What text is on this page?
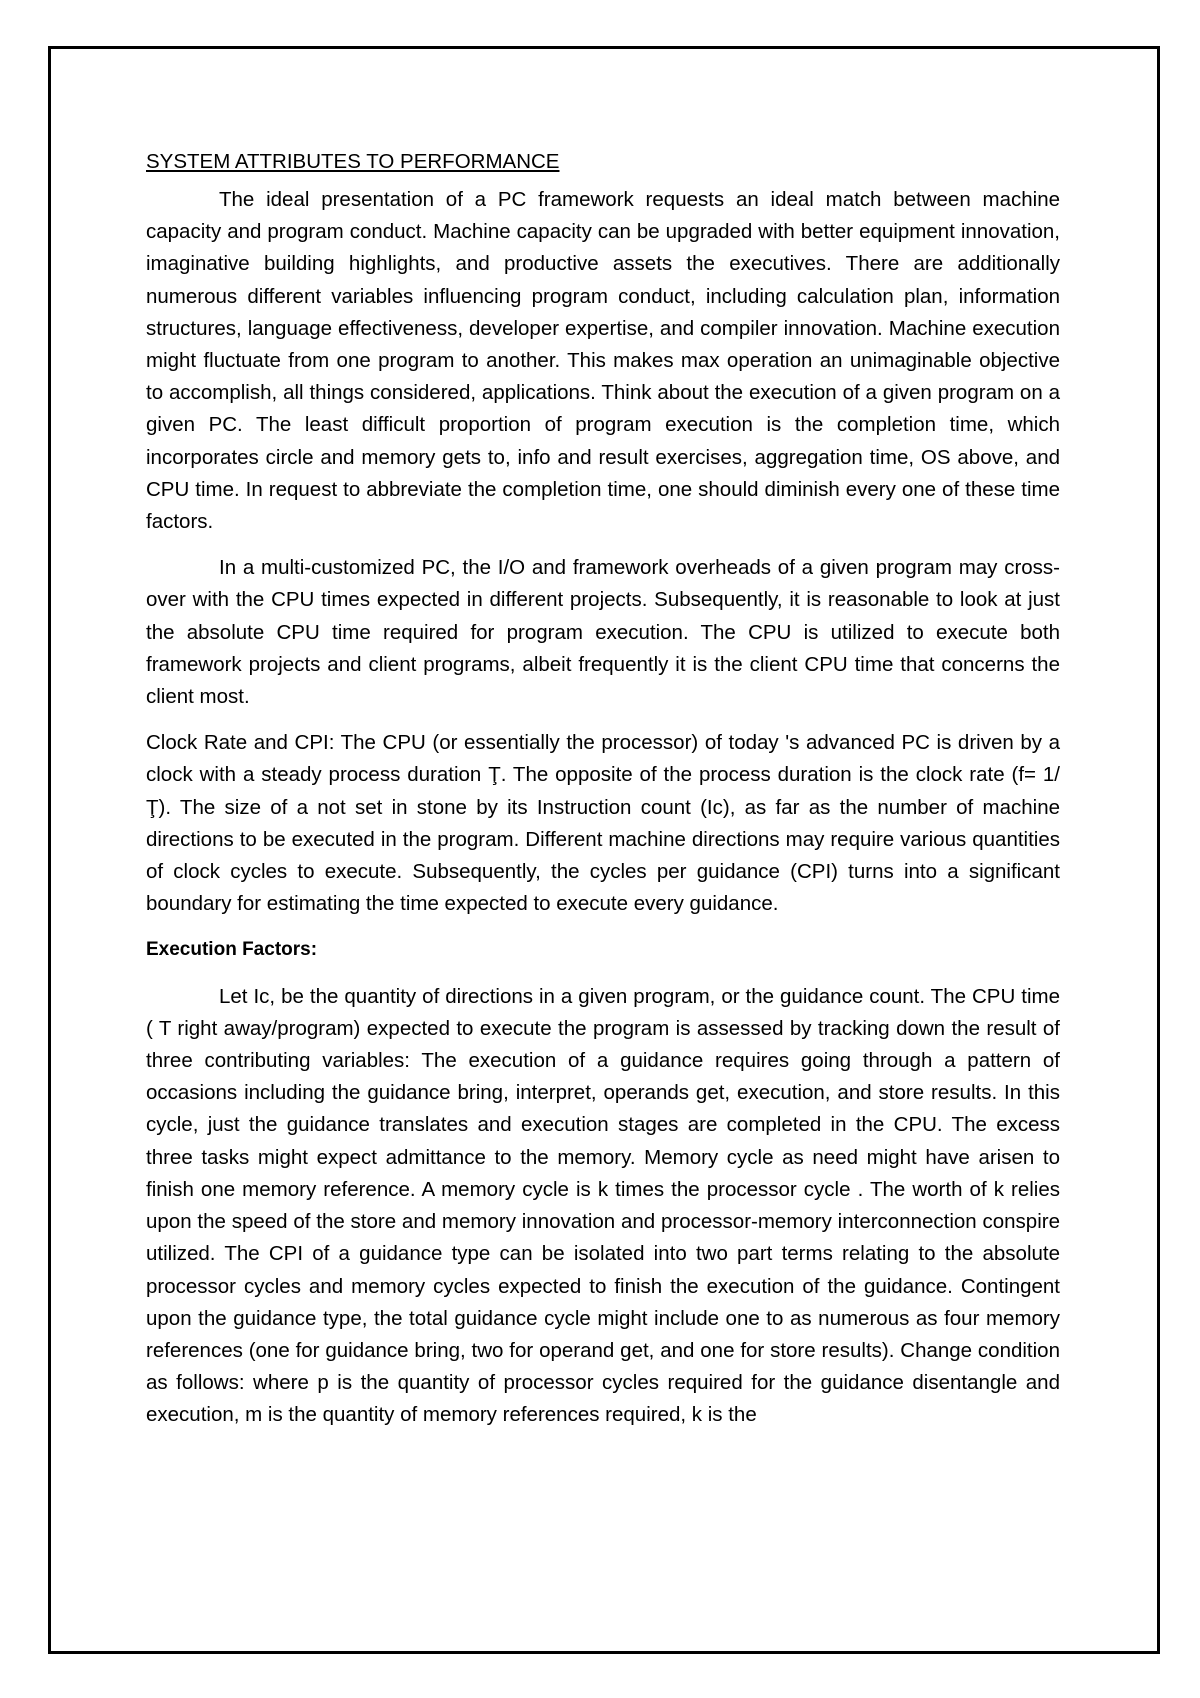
SYSTEM ATTRIBUTES TO PERFORMANCE

The ideal presentation of a PC framework requests an ideal match between machine capacity and program conduct. Machine capacity can be upgraded with better equipment innovation, imaginative building highlights, and productive assets the executives. There are additionally numerous different variables influencing program conduct, including calculation plan, information structures, language effectiveness, developer expertise, and compiler innovation. Machine execution might fluctuate from one program to another. This makes max operation an unimaginable objective to accomplish, all things considered, applications. Think about the execution of a given program on a given PC. The least difficult proportion of program execution is the completion time, which incorporates circle and memory gets to, info and result exercises, aggregation time, OS above, and CPU time. In request to abbreviate the completion time, one should diminish every one of these time factors.

In a multi-customized PC, the I/O and framework overheads of a given program may cross-over with the CPU times expected in different projects. Subsequently, it is reasonable to look at just the absolute CPU time required for program execution. The CPU is utilized to execute both framework projects and client programs, albeit frequently it is the client CPU time that concerns the client most.

Clock Rate and CPI: The CPU (or essentially the processor) of today 's advanced PC is driven by a clock with a steady process duration Ţ. The opposite of the process duration is the clock rate (f= 1/Ţ). The size of a not set in stone by its Instruction count (Ic), as far as the number of machine directions to be executed in the program. Different machine directions may require various quantities of clock cycles to execute. Subsequently, the cycles per guidance (CPI) turns into a significant boundary for estimating the time expected to execute every guidance.

Execution Factors:

Let Ic, be the quantity of directions in a given program, or the guidance count. The CPU time ( T right away/program) expected to execute the program is assessed by tracking down the result of three contributing variables: The execution of a guidance requires going through a pattern of occasions including the guidance bring, interpret, operands get, execution, and store results. In this cycle, just the guidance translates and execution stages are completed in the CPU. The excess three tasks might expect admittance to the memory. Memory cycle as need might have arisen to finish one memory reference. A memory cycle is k times the processor cycle . The worth of k relies upon the speed of the store and memory innovation and processor-memory interconnection conspire utilized. The CPI of a guidance type can be isolated into two part terms relating to the absolute processor cycles and memory cycles expected to finish the execution of the guidance. Contingent upon the guidance type, the total guidance cycle might include one to as numerous as four memory references (one for guidance bring, two for operand get, and one for store results). Change condition as follows: where p is the quantity of processor cycles required for the guidance disentangle and execution, m is the quantity of memory references required, k is the
